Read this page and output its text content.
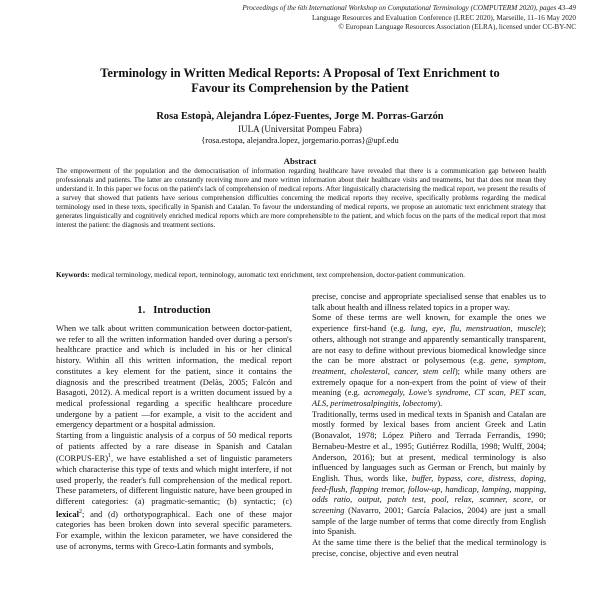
Proceedings of the 6th International Workshop on Computational Terminology (COMPUTERM 2020), pages 43–49
Language Resources and Evaluation Conference (LREC 2020), Marseille, 11–16 May 2020
© European Language Resources Association (ELRA), licensed under CC-BY-NC
Terminology in Written Medical Reports: A Proposal of Text Enrichment to
Favour its Comprehension by the Patient
Rosa Estopà, Alejandra López-Fuentes, Jorge M. Porras-Garzón
IULA (Universitat Pompeu Fabra)
{rosa.estopa, alejandra.lopez, jorgemario.porras}@upf.edu
Abstract
The empowerment of the population and the democratisation of information regarding healthcare have revealed that there is a communication gap between health professionals and patients. The latter are constantly receiving more and more written information about their healthcare visits and treatments, but that does not mean they understand it. In this paper we focus on the patient's lack of comprehension of medical reports. After linguistically characterising the medical report, we present the results of a survey that showed that patients have serious comprehension difficulties concerning the medical reports they receive, specifically problems regarding the medical terminology used in these texts, specifically in Spanish and Catalan. To favour the understanding of medical reports, we propose an automatic text enrichment strategy that generates linguistically and cognitively enriched medical reports which are more comprehensible to the patient, and which focus on the parts of the medical report that most interest the patient: the diagnosis and treatment sections.
Keywords: medical terminology, medical report, terminology, automatic text enrichment, text comprehension, doctor-patient communication.
1. Introduction

When we talk about written communication between doctor-patient, we refer to all the written information handed over during a person's healthcare practice and which is included in his or her clinical history. Within all this written information, the medical report constitutes a key element for the patient, since it contains the diagnosis and the prescribed treatment (Delàs, 2005; Falcón and Basagoti, 2012). A medical report is a written document issued by a medical professional regarding a specific healthcare procedure undergone by a patient —for example, a visit to the accident and emergency department or a hospital admission.

Starting from a linguistic analysis of a corpus of 50 medical reports of patients affected by a rare disease in Spanish and Catalan (CORPUS-ER)$^1$, we have established a set of linguistic parameters which characterise this type of texts and which might interfere, if not used properly, the reader's full comprehension of the medical report. These parameters, of different linguistic nature, have been grouped in different categories: (a) pragmatic-semantic; (b) syntactic; (c) lexical$^2$; and (d) orthotypographical. Each one of these major categories has been broken down into several specific parameters. For example, within the lexicon parameter, we have considered the use of acronyms, terms with Greco-Latin formants and symbols,

precise, concise and appropriate specialised sense that enables us to talk about health and illness related topics in a proper way.

Some of these terms are well known, for example the ones we experience first-hand (e.g. lung, eye, flu, menstruation, muscle); others, although not strange and apparently semantically transparent, are not easy to define without previous biomedical knowledge since the can be more abstract or polysemous (e.g. gene, symptom, treatment, cholesterol, cancer, stem cell); while many others are extremely opaque for a non-expert from the point of view of their meaning (e.g. acromegaly, Lowe's syndrome, CT scan, PET scan, ALS, perimetrosalpingitis, lobectomy).

Traditionally, terms used in medical texts in Spanish and Catalan are mostly formed by lexical bases from ancient Greek and Latin (Bonavalot, 1978; López Piñero and Terrada Ferrandis, 1990; Bernabeu-Mestre et al., 1995; Gutiérrez Rodilla, 1998; Wulff, 2004; Anderson, 2016); but at present, medical terminology is also influenced by languages such as German or French, but mainly by English. Thus, words like, buffer, bypass, core, distress, doping, feed-flush, flapping tremor, follow-up, handicap, lamping, mapping, odds ratio, output, patch test, pool, relax, scanner, score, or screening (Navarro, 2001; García Palacios, 2004) are just a small sample of the large number of terms that come directly from English into Spanish.

At the same time there is the belief that the medical terminology is precise, concise, objective and even neutral
